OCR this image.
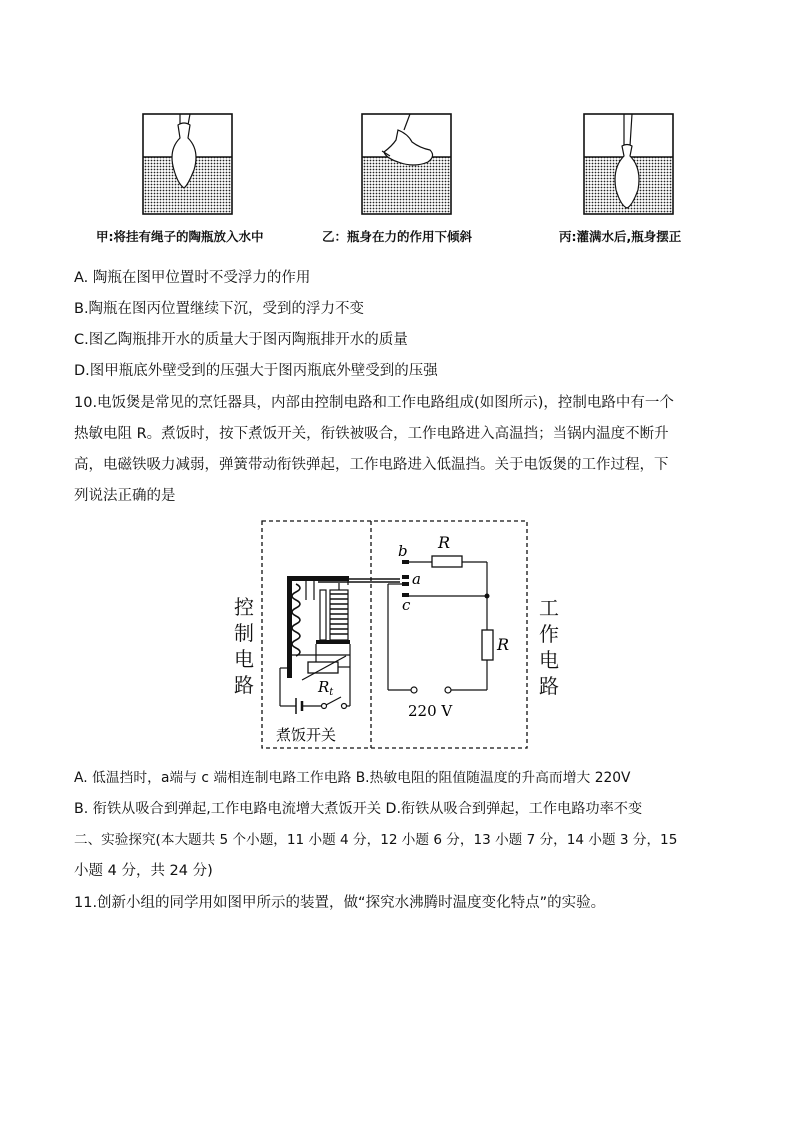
甲:将挂有绳子的陶瓶放入水中	乙：瓶身在力的作用下倾斜	丙:灌满水后,瓶身摆正
A. 陶瓶在图甲位置时不受浮力的作用
B.陶瓶在图丙位置继续下沉，受到的浮力不变
C.图乙陶瓶排开水的质量大于图丙陶瓶排开水的质量
D.图甲瓶底外壁受到的压强大于图丙瓶底外壁受到的压强
10.电饭煲是常见的烹饪器具，内部由控制电路和工作电路组成(如图所示)，控制电路中有一个
热敏电阻 R。煮饭时，按下煮饭开关，衔铁被吸合，工作电路进入高温挡；当锅内温度不断升
高，电磁铁吸力减弱，弹簧带动衔铁弹起，工作电路进入低温挡。关于电饭煲的工作过程，下
列说法正确的是
控
制
电
路
工
作
电
路
b
a
c
R
R
$R_t$
220 V
煮饭开关
A. 低温挡时，a端与 c 端相连制电路工作电路 B.热敏电阻的阻值随温度的升高而增大 220V
B. 衔铁从吸合到弹起,工作电路电流增大煮饭开关 D.衔铁从吸合到弹起，工作电路功率不变
二、实验探究(本大题共 5 个小题，11 小题 4 分，12 小题 6 分，13 小题 7 分，14 小题 3 分，15
小题 4 分，共 24 分)
11.创新小组的同学用如图甲所示的装置，做“探究水沸腾时温度变化特点”的实验。
